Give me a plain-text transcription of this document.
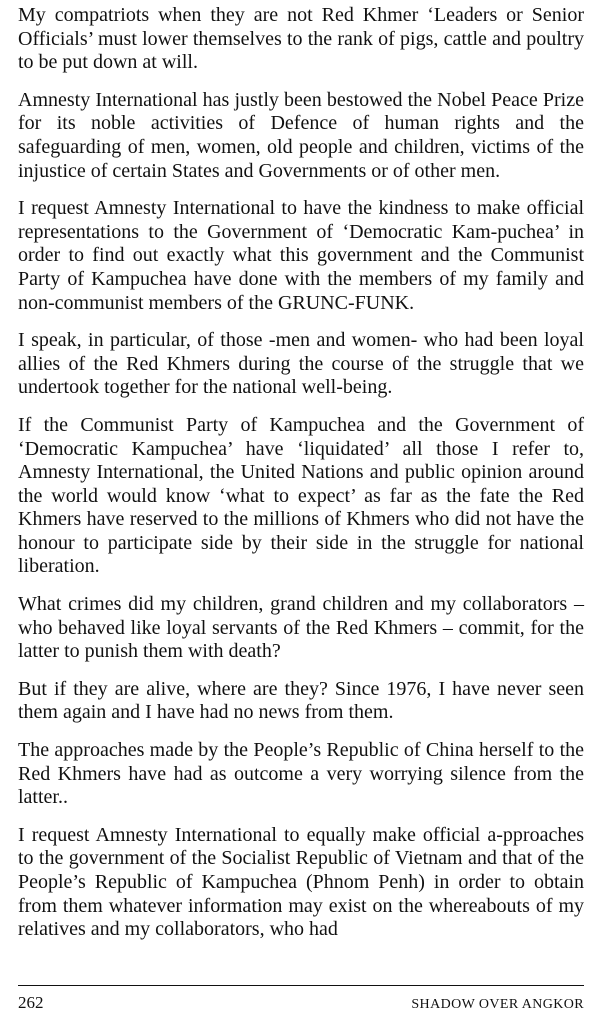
My compatriots when they are not Red Khmer ‘Leaders or Senior Officials’ must lower themselves to the rank of pigs, cattle and poultry to be put down at will.

Amnesty International has justly been bestowed the Nobel Peace Prize for its noble activities of Defence of human rights and the safeguarding of men, women, old people and children, victims of the injustice of certain States and Governments or of other men.

I request Amnesty International to have the kindness to make official representations to the Government of ‘Democratic Kam-puchea’ in order to find out exactly what this government and the Communist Party of Kampuchea have done with the members of my family and non-communist members of the GRUNC-FUNK.

I speak, in particular, of those -men and women- who had been loyal allies of the Red Khmers during the course of the struggle that we undertook together for the national well-being.

If the Communist Party of Kampuchea and the Government of ‘Democratic Kampuchea’ have ‘liquidated’ all those I refer to, Amnesty International, the United Nations and public opinion around the world would know ‘what to expect’ as far as the fate the Red Khmers have reserved to the millions of Khmers who did not have the honour to participate side by their side in the struggle for national liberation.

What crimes did my children, grand children and my collaborators – who behaved like loyal servants of the Red Khmers – commit, for the latter to punish them with death?

But if they are alive, where are they? Since 1976, I have never seen them again and I have had no news from them.

The approaches made by the People’s Republic of China herself to the Red Khmers have had as outcome a very worrying silence from the latter..

I request Amnesty International to equally make official a-pproaches to the government of the Socialist Republic of Vietnam and that of the People’s Republic of Kampuchea (Phnom Penh) in order to obtain from them whatever information may exist on the whereabouts of my relatives and my collaborators, who had

262	SHADOW OVER ANGKOR
